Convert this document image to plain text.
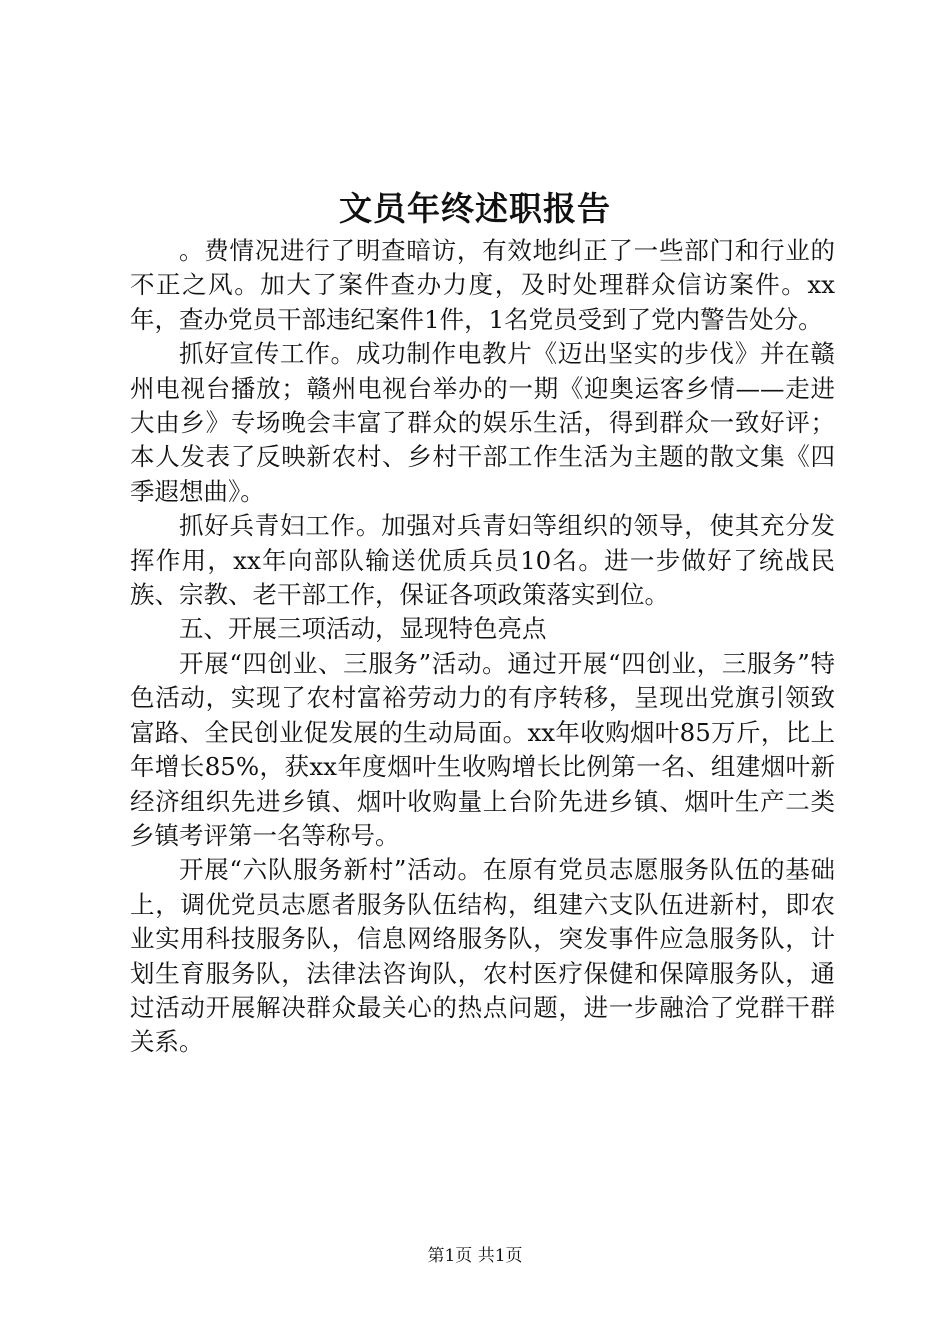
文员年终述职报告

。费情况进行了明查暗访，有效地纠正了一些部门和行业的不正之风。加大了案件查办力度，及时处理群众信访案件。xx年，查办党员干部违纪案件1件，1名党员受到了党内警告处分。

抓好宣传工作。成功制作电教片《迈出坚实的步伐》并在赣州电视台播放；赣州电视台举办的一期《迎奥运客乡情——走进大由乡》专场晚会丰富了群众的娱乐生活，得到群众一致好评；本人发表了反映新农村、乡村干部工作生活为主题的散文集《四季遐想曲》。

抓好兵青妇工作。加强对兵青妇等组织的领导，使其充分发挥作用，xx年向部队输送优质兵员10名。进一步做好了统战民族、宗教、老干部工作，保证各项政策落实到位。

五、开展三项活动，显现特色亮点

开展“四创业、三服务”活动。通过开展“四创业，三服务”特色活动，实现了农村富裕劳动力的有序转移，呈现出党旗引领致富路、全民创业促发展的生动局面。xx年收购烟叶85万斤，比上年增长85%，获xx年度烟叶生收购增长比例第一名、组建烟叶新经济组织先进乡镇、烟叶收购量上台阶先进乡镇、烟叶生产二类乡镇考评第一名等称号。

开展“六队服务新村”活动。在原有党员志愿服务队伍的基础上，调优党员志愿者服务队伍结构，组建六支队伍进新村，即农业实用科技服务队，信息网络服务队，突发事件应急服务队，计划生育服务队，法律法咨询队，农村医疗保健和保障服务队，通过活动开展解决群众最关心的热点问题，进一步融洽了党群干群关系。

第1页 共1页
